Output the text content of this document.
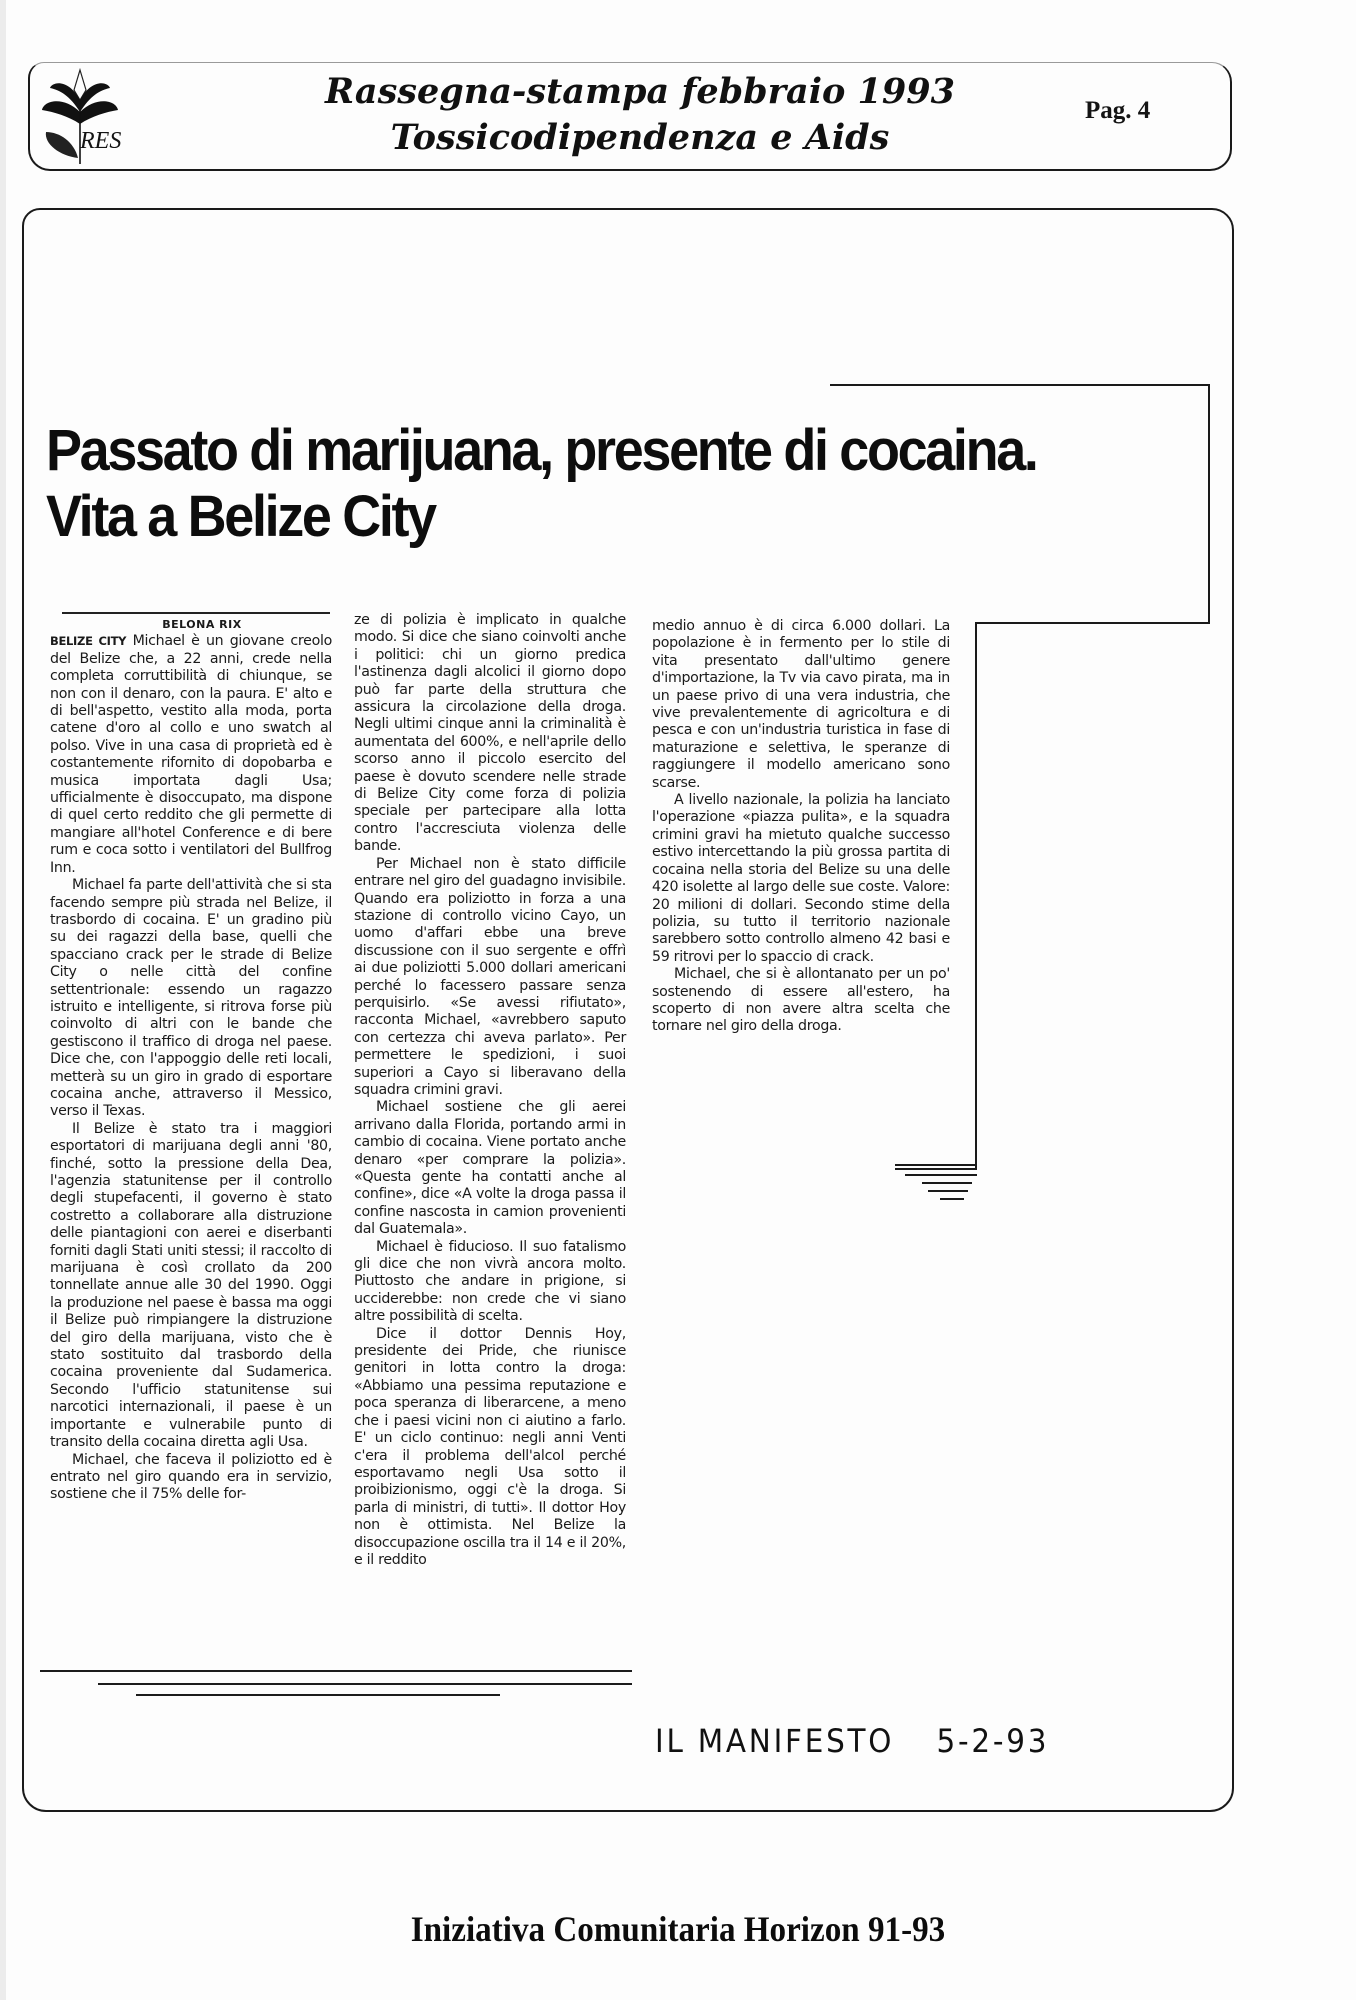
RES
Rassegna-stampa febbraio 1993
Tossicodipendenza e Aids
Pag. 4
Passato di marijuana, presente di cocaina.
Vita a Belize City

BELONA RIX

BELIZE CITY Michael è un giovane creolo del Belize che, a 22 anni, crede nella completa corruttibilità di chiunque, se non con il denaro, con la paura. E' alto e di bell'aspetto, vestito alla moda, porta catene d'oro al collo e uno swatch al polso. Vive in una casa di proprietà ed è costantemente rifornito di dopobarba e musica importata dagli Usa; ufficialmente è disoccupato, ma dispone di quel certo reddito che gli permette di mangiare all'hotel Conference e di bere rum e coca sotto i ventilatori del Bullfrog Inn.

Michael fa parte dell'attività che si sta facendo sempre più strada nel Belize, il trasbordo di cocaina. E' un gradino più su dei ragazzi della base, quelli che spacciano crack per le strade di Belize City o nelle città del confine settentrionale: essendo un ragazzo istruito e intelligente, si ritrova forse più coinvolto di altri con le bande che gestiscono il traffico di droga nel paese. Dice che, con l'appoggio delle reti locali, metterà su un giro in grado di esportare cocaina anche, attraverso il Messico, verso il Texas.

Il Belize è stato tra i maggiori esportatori di marijuana degli anni '80, finché, sotto la pressione della Dea, l'agenzia statunitense per il controllo degli stupefacenti, il governo è stato costretto a collaborare alla distruzione delle piantagioni con aerei e diserbanti forniti dagli Stati uniti stessi; il raccolto di marijuana è così crollato da 200 tonnellate annue alle 30 del 1990. Oggi la produzione nel paese è bassa ma oggi il Belize può rimpiangere la distruzione del giro della marijuana, visto che è stato sostituito dal trasbordo della cocaina proveniente dal Sudamerica. Secondo l'ufficio statunitense sui narcotici internazionali, il paese è un importante e vulnerabile punto di transito della cocaina diretta agli Usa.

Michael, che faceva il poliziotto ed è entrato nel giro quando era in servizio, sostiene che il 75% delle for-

ze di polizia è implicato in qualche modo. Si dice che siano coinvolti anche i politici: chi un giorno predica l'astinenza dagli alcolici il giorno dopo può far parte della struttura che assicura la circolazione della droga. Negli ultimi cinque anni la criminalità è aumentata del 600%, e nell'aprile dello scorso anno il piccolo esercito del paese è dovuto scendere nelle strade di Belize City come forza di polizia speciale per partecipare alla lotta contro l'accresciuta violenza delle bande.

Per Michael non è stato difficile entrare nel giro del guadagno invisibile. Quando era poliziotto in forza a una stazione di controllo vicino Cayo, un uomo d'affari ebbe una breve discussione con il suo sergente e offrì ai due poliziotti 5.000 dollari americani perché lo facessero passare senza perquisirlo. «Se avessi rifiutato», racconta Michael, «avrebbero saputo con certezza chi aveva parlato». Per permettere le spedizioni, i suoi superiori a Cayo si liberavano della squadra crimini gravi.

Michael sostiene che gli aerei arrivano dalla Florida, portando armi in cambio di cocaina. Viene portato anche denaro «per comprare la polizia». «Questa gente ha contatti anche al confine», dice «A volte la droga passa il confine nascosta in camion provenienti dal Guatemala».

Michael è fiducioso. Il suo fatalismo gli dice che non vivrà ancora molto. Piuttosto che andare in prigione, si ucciderebbe: non crede che vi siano altre possibilità di scelta.

Dice il dottor Dennis Hoy, presidente dei Pride, che riunisce genitori in lotta contro la droga: «Abbiamo una pessima reputazione e poca speranza di liberarcene, a meno che i paesi vicini non ci aiutino a farlo. E' un ciclo continuo: negli anni Venti c'era il problema dell'alcol perché esportavamo negli Usa sotto il proibizionismo, oggi c'è la droga. Si parla di ministri, di tutti». Il dottor Hoy non è ottimista. Nel Belize la disoccupazione oscilla tra il 14 e il 20%, e il reddito

medio annuo è di circa 6.000 dollari. La popolazione è in fermento per lo stile di vita presentato dall'ultimo genere d'importazione, la Tv via cavo pirata, ma in un paese privo di una vera industria, che vive prevalentemente di agricoltura e di pesca e con un'industria turistica in fase di maturazione e selettiva, le speranze di raggiungere il modello americano sono scarse.

A livello nazionale, la polizia ha lanciato l'operazione «piazza pulita», e la squadra crimini gravi ha mietuto qualche successo estivo intercettando la più grossa partita di cocaina nella storia del Belize su una delle 420 isolette al largo delle sue coste. Valore: 20 milioni di dollari. Secondo stime della polizia, su tutto il territorio nazionale sarebbero sotto controllo almeno 42 basi e 59 ritrovi per lo spaccio di crack.

Michael, che si è allontanato per un po' sostenendo di essere all'estero, ha scoperto di non avere altra scelta che tornare nel giro della droga.

IL MANIFESTO 5-2-93
Iniziativa Comunitaria Horizon 91-93
